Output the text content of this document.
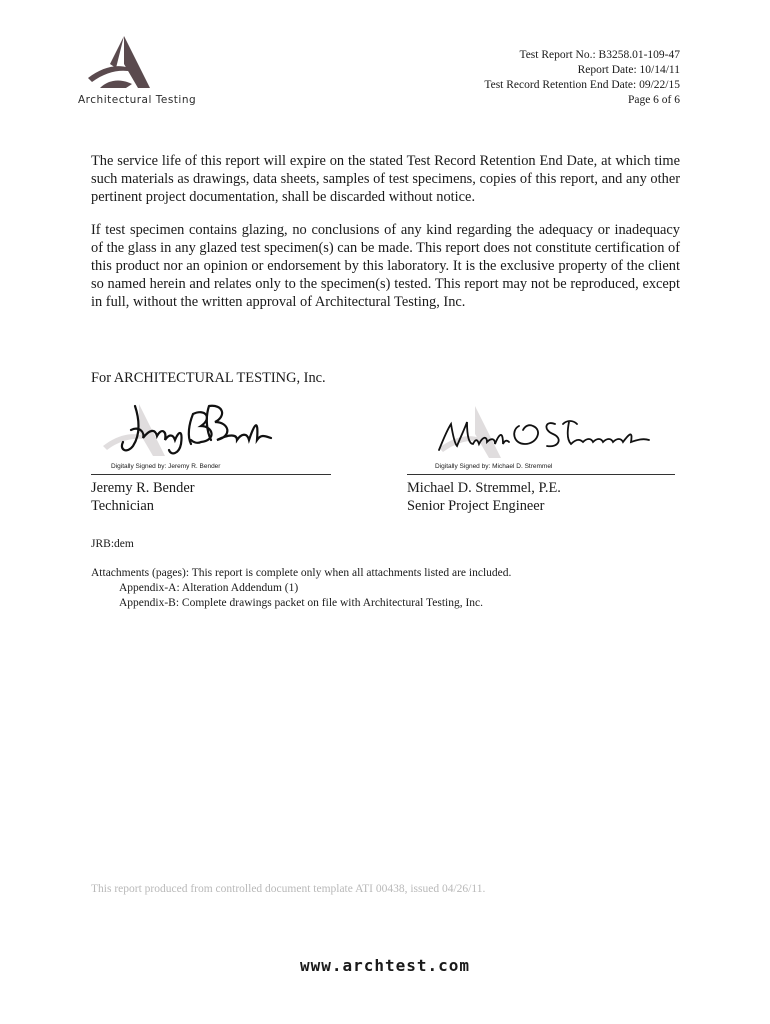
Architectural Testing
Test Report No.: B3258.01-109-47
Report Date: 10/14/11
Test Record Retention End Date: 09/22/15
Page 6 of 6

The service life of this report will expire on the stated Test Record Retention End Date, at which time such materials as drawings, data sheets, samples of test specimens, copies of this report, and any other pertinent project documentation, shall be discarded without notice.

If test specimen contains glazing, no conclusions of any kind regarding the adequacy or inadequacy of the glass in any glazed test specimen(s) can be made. This report does not constitute certification of this product nor an opinion or endorsement by this laboratory. It is the exclusive property of the client so named herein and relates only to the specimen(s) tested. This report may not be reproduced, except in full, without the written approval of Architectural Testing, Inc.

For ARCHITECTURAL TESTING, Inc.
Digitally Signed by: Jeremy R. Bender
Jeremy R. Bender
Technician
Digitally Signed by: Michael D. Stremmel
Michael D. Stremmel, P.E.
Senior Project Engineer
JRB:dem
Attachments (pages): This report is complete only when all attachments listed are included.
Appendix-A: Alteration Addendum (1)
Appendix-B: Complete drawings packet on file with Architectural Testing, Inc.
This report produced from controlled document template ATI 00438, issued 04/26/11.
www.archtest.com
